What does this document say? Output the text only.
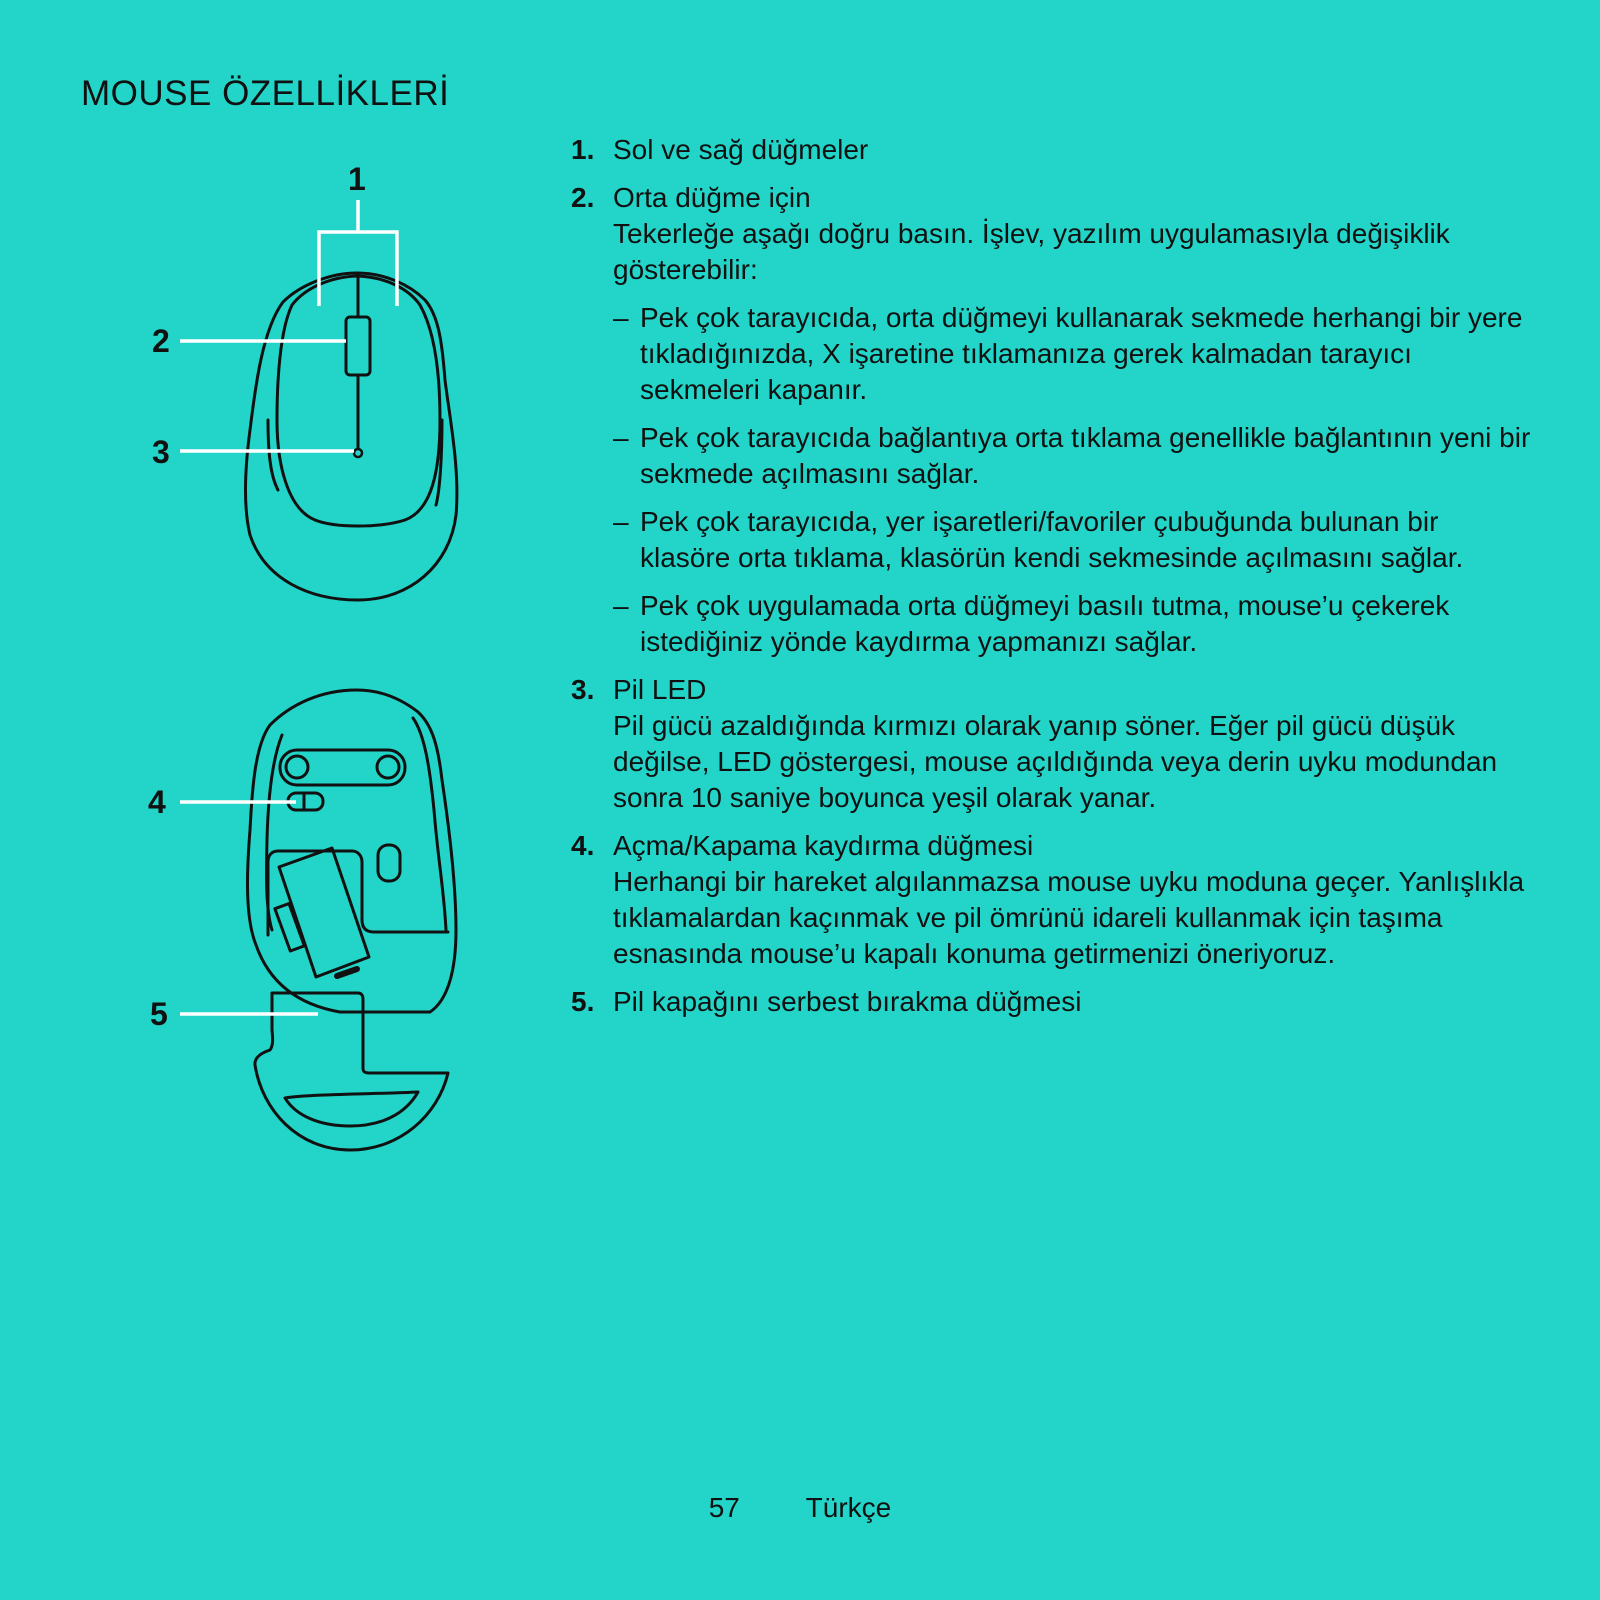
MOUSE ÖZELLİKLERİ
1
2
3
4
5
1. Sol ve sağ düğmeler
2. Orta düğme için
Tekerleğe aşağı doğru basın. İşlev, yazılım uygulamasıyla değişiklik gösterebilir:
– Pek çok tarayıcıda, orta düğmeyi kullanarak sekmede herhangi bir yere tıkladığınızda, X işaretine tıklamanıza gerek kalmadan tarayıcı sekmeleri kapanır.
– Pek çok tarayıcıda bağlantıya orta tıklama genellikle bağlantının yeni bir sekmede açılmasını sağlar.
– Pek çok tarayıcıda, yer işaretleri/favoriler çubuğunda bulunan bir klasöre orta tıklama, klasörün kendi sekmesinde açılmasını sağlar.
– Pek çok uygulamada orta düğmeyi basılı tutma, mouse’u çekerek istediğiniz yönde kaydırma yapmanızı sağlar.
3. Pil LED
Pil gücü azaldığında kırmızı olarak yanıp söner. Eğer pil gücü düşük değilse, LED göstergesi, mouse açıldığında veya derin uyku modundan sonra 10 saniye boyunca yeşil olarak yanar.
4. Açma/Kapama kaydırma düğmesi
Herhangi bir hareket algılanmazsa mouse uyku moduna geçer. Yanlışlıkla tıklamalardan kaçınmak ve pil ömrünü idareli kullanmak için taşıma esnasında mouse’u kapalı konuma getirmenizi öneriyoruz.
5. Pil kapağını serbest bırakma düğmesi
57 Türkçe
